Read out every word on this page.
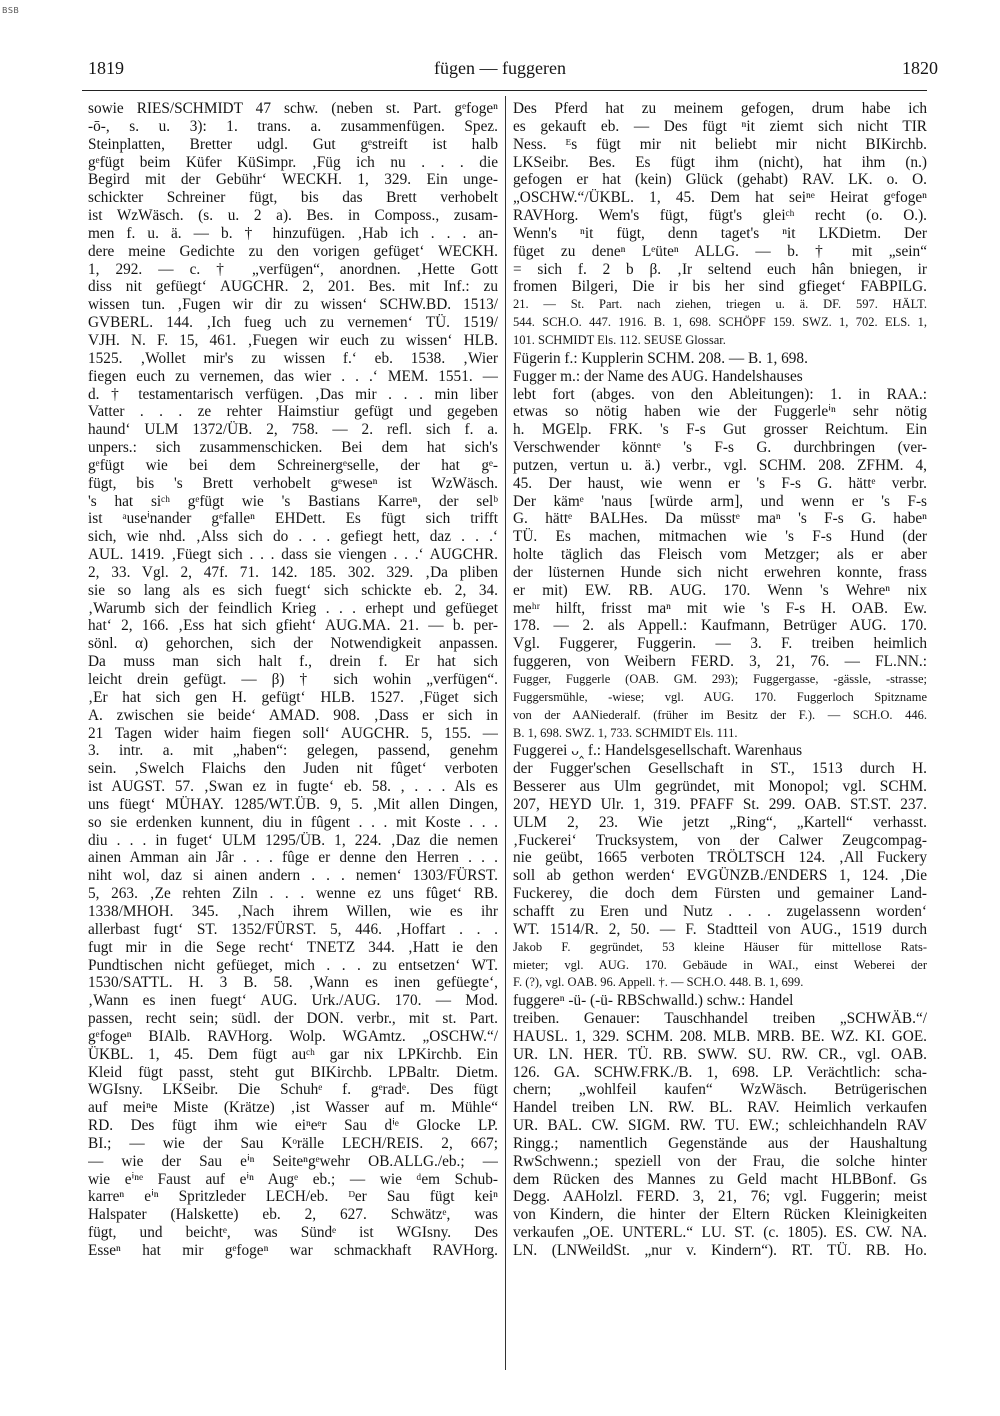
BSB
1819	fügen — fuggeren	1820
sowie RIES/SCHMIDT 47 schw. (neben st. Part. gᵉfogeⁿ
-ō-, s. u. 3): 1. trans. a. zusammenfügen. Spez.
Steinplatten, Bretter udgl. Gut gᵉstreift ist halb
gᵉfügt beim Küfer KüSimpr. ‚Füg ich nu . . . die
Begird mit der Gebühr‘ WECKH. 1, 329. Ein unge-
schickter Schreiner fügt, bis das Brett verhobelt
ist WzWäsch. (s. u. 2 a). Bes. in Composs., zusam-
men f. u. ä. — b. † hinzufügen. ‚Hab ich . . . an-
dere meine Gedichte zu den vorigen gefüget‘ WECKH.
1, 292. — c. † „verfügen“, anordnen. ‚Hette Gott
diss nit gefüegt‘ AUGCHR. 2, 201. Bes. mit Inf.: zu
wissen tun. ‚Fugen wir dir zu wissen‘ SCHW.BD. 1513/
GVBERL. 144. ‚Ich fueg uch zu vernemen‘ TÜ. 1519/
VJH. N. F. 15, 461. ‚Fuegen wir euch zu wissen‘ HLB.
1525. ‚Wollet mir's zu wissen f.‘ eb. 1538. ‚Wier
fiegen euch zu vernemen, das wier . . .‘ MEM. 1551. —
d. † testamentarisch verfügen. ‚Das mir . . . min liber
Vatter . . . ze rehter Haimstiur gefügt und gegeben
haund‘ ULM 1372/ÜB. 2, 758. — 2. refl. sich f. a.
unpers.: sich zusammenschicken. Bei dem hat sich's
gᵉfügt wie bei dem Schreinergᵉselle, der hat gᵉ-
fügt, bis 's Brett verhobelt gᵉweseⁿ ist WzWäsch.
's hat siᶜʰ gᵉfügt wie 's Bastians Karreⁿ, der selᵇ
ist ᵃuseⁱnander gᵉfalleⁿ EHDett. Es fügt sich trifft
sich, wie nhd. ‚Alss sich do . . . gefiegt hett, daz . . .‘
AUL. 1419. ‚Füegt sich . . . dass sie viengen . . .‘ AUGCHR.
2, 33. Vgl. 2, 47f. 71. 142. 185. 302. 329. ‚Da pliben
sie so lang als es sich fuegt‘ sich schickte eb. 2, 34.
‚Warumb sich der feindlich Krieg . . . erhept und gefüeget
hat‘ 2, 166. ‚Ess hat sich gfieht‘ AUG.MA. 21. — b. per-
sönl. α) gehorchen, sich der Notwendigkeit anpassen.
Da muss man sich halt f., drein f. Er hat sich
leicht drein gefügt. — β) † sich wohin „verfügen“.
‚Er hat sich gen H. gefügt‘ HLB. 1527. ‚Füget sich
A. zwischen sie beide‘ AMAD. 908. ‚Dass er sich in
21 Tagen wider haim fiegen soll‘ AUGCHR. 5, 155. —
3. intr. a. mit „haben“: gelegen, passend, genehm
sein. ‚Swelch Flaichs den Juden nit fûget‘ verboten
ist AUGST. 57. ‚Swan ez in fugte‘ eb. 58. , . . . Als es
uns füegt‘ MÜHAY. 1285/WT.ÜB. 9, 5. ‚Mit allen Dingen,
so sie erdenken kunnent, diu in fûgent . . . mit Koste . . .
diu . . . in fuget‘ ULM 1295/ÜB. 1, 224. ‚Daz die nemen
ainen Amman ain Jâr . . . fûge er denne den Herren . . .
niht wol, daz si ainen andern . . . nemen‘ 1303/FÜRST.
5, 263. ‚Ze rehten Ziln . . . wenne ez uns fûget‘ RB.
1338/MHOH. 345. ‚Nach ihrem Willen, wie es ihr
allerbast fugt‘ ST. 1352/FÜRST. 5, 446. ‚Hoffart . . .
fugt mir in die Sege recht‘ TNETZ 344. ‚Hatt ie den
Pundtischen nicht gefüeget, mich . . . zu entsetzen‘ WT.
1530/SATTL. H. 3 B. 58. ‚Wann es inen gefüegte‘,
‚Wann es inen fuegt‘ AUG. Urk./AUG. 170. — Mod.
passen, recht sein; südl. der DON. verbr., mit st. Part.
gᵉfogeⁿ BIAlb. RAVHorg. Wolp. WGAmtz. „OSCHW.“/
ÜKBL. 1, 45. Dem fügt auᶜʰ gar nix LPKirchb. Ein
Kleid fügt passt, steht gut BIKirchb. LPBaltr. Dietm.
WGIsny. LKSeibr. Die Schuhᵉ f. gᵉradᵉ. Des fügt
auf meiⁿe Miste (Krätze) ‚ist Wasser auf m. Mühle“
RD. Des fügt ihm wie eiⁿeᵉr Sau dⁱᵉ Glocke LP.
BI.; — wie der Sau Kᵒrälle LECH/REIS. 2, 667;
— wie der Sau eⁱⁿ Seiteⁿgᵉwehr OB.ALLG./eb.; —
wie eⁱⁿᵉ Faust auf eⁱⁿ Augᵉ eb.; — wie ᵈem Schub-
karreⁿ eⁱⁿ Spritzleder LECH/eb. ᴰer Sau fügt keiⁿ
Halspater (Halskette) eb. 2, 627. Schwätzᵉ, was
fügt, und beichtᵉ, was Sündᵉ ist WGIsny. Des
Esseⁿ hat mir gᵉfogeⁿ war schmackhaft RAVHorg.
Des Pferd hat zu meinem gefogen, drum habe ich
es gekauft eb. — Des fügt ⁿit ziemt sich nicht TIR
Ness. ᴱs fügt mir nit beliebt mir nicht BIKirchb.
LKSeibr. Bes. Es fügt ihm (nicht), hat ihm (n.)
gefogen er hat (kein) Glück (gehabt) RAV. LK. o. O.
„OSCHW.“/ÜKBL. 1, 45. Dem hat seiⁿᵉ Heirat gᵉfogeⁿ
RAVHorg. Wem's fügt, fügt's gleiᶜʰ recht (o. O.).
Wenn's ⁿit fügt, denn taget's ⁿit LKDietm. Der
füget zu deneⁿ Lᵉüteⁿ ALLG. — b. † mit „sein“
= sich f. 2 b β. ‚Ir seltend euch hân bniegen, ir
fromen Bilgeri, Die ir bis her sind gfieget‘ FABPILG.
21. — St. Part. nach ziehen, triegen u. ä. DF. 597. HÄLT.
544. SCH.O. 447. 1916. B. 1, 698. SCHÖPF 159. SWZ. 1, 702. ELS. 1,
101. SCHMIDT Els. 112. SEUSE Glossar.
Fügerin f.: Kupplerin SCHM. 208. — B. 1, 698.
Fugger m.: der Name des AUG. Handelshauses
lebt fort (abges. von den Ableitungen): 1. in RAA.:
etwas so nötig haben wie der Fuggerleⁱⁿ sehr nötig
h. MGElp. FRK. 's F-s Gut grosser Reichtum. Ein
Verschwender könntᵉ 's F-s G. durchbringen (ver-
putzen, vertun u. ä.) verbr., vgl. SCHM. 208. ZFHM. 4,
45. Der haust, wie wenn er 's F-s G. hättᵉ verbr.
Der kämᵉ 'naus [würde arm], und wenn er 's F-s
G. hättᵉ BALHes. Da müsstᵉ maⁿ 's F-s G. habeⁿ
TÜ. Es machen, mitmachen wie 's F-s Hund (der
holte täglich das Fleisch vom Metzger; als er aber
der lüsternen Hunde sich nicht erwehren konnte, frass
er mit) EW. RB. AUG. 170. Wenn 's Wehreⁿ nix
meʰʳ hilft, frisst maⁿ mit wie 's F-s H. OAB. Ew.
178. — 2. als Appell.: Kaufmann, Betrüger AUG. 170.
Vgl. Fuggerer, Fuggerin. — 3. F. treiben heimlich
fuggeren, von Weibern FERD. 3, 21, 76. — FL.NN.:
Fugger, Fuggerle (OAB. GM. 293); Fuggergasse, -gässle, -strasse;
Fuggersmühle, -wiese; vgl. AUG. 170. Fuggerloch Spitzname
von der AANiederalf. (früher im Besitz der F.). — SCH.O. 446.
B. 1, 698. SWZ. 1, 733. SCHMIDT Els. 111.
Fuggerei ᴗ‸ f.: Handelsgesellschaft. Warenhaus
der Fugger'schen Gesellschaft in ST., 1513 durch H.
Besserer aus Ulm gegründet, mit Monopol; vgl. SCHM.
207, HEYD Ulr. 1, 319. PFAFF St. 299. OAB. ST.ST. 237.
ULM 2, 23. Wie jetzt „Ring“, „Kartell“ verhasst.
‚Fuckerei‘ Trucksystem, von der Calwer Zeugcompag-
nie geübt, 1665 verboten TRÖLTSCH 124. ‚All Fuckery
soll ab gethon werden‘ EVGÜNZB./ENDERS 1, 124. ‚Die
Fuckerey, die doch dem Fürsten und gemainer Land-
schafft zu Eren und Nutz . . . zugelassenn worden‘
WT. 1514/R. 2, 50. — F. Stadtteil von AUG., 1519 durch
Jakob F. gegründet, 53 kleine Häuser für mittellose Rats-
mieter; vgl. AUG. 170. Gebäude in WAI., einst Weberei der
F. (?), vgl. OAB. 96. Appell. †. — SCH.O. 448. B. 1, 699.
fuggereⁿ -ü- (-ü- RBSchwalld.) schw.: Handel
treiben. Genauer: Tauschhandel treiben „SCHWÄB.“/
HAUSL. 1, 329. SCHM. 208. MLB. MRB. BE. WZ. KI. GOE.
UR. LN. HER. TÜ. RB. SWW. SU. RW. CR., vgl. OAB.
126. GA. SCHW.FRK./B. 1, 698. LP. Verächtlich: scha-
chern; „wohlfeil kaufen“ WzWäsch. Betrügerischen
Handel treiben LN. RW. BL. RAV. Heimlich verkaufen
UR. BAL. CW. SIGM. RW. TU. EW.; schleichhandeln RAV
Ringg.; namentlich Gegenstände aus der Haushaltung
RwSchwenn.; speziell von der Frau, die solche hinter
dem Rücken des Mannes zu Geld macht HLBBonf. Gs
Degg. AAHolzl. FERD. 3, 21, 76; vgl. Fuggerin; meist
von Kindern, die hinter der Eltern Rücken Kleinigkeiten
verkaufen „OE. UNTERL.“ LU. ST. (c. 1805). ES. CW. NA.
LN. (LNWeildSt. „nur v. Kindern“). RT. TÜ. RB. Ho.
